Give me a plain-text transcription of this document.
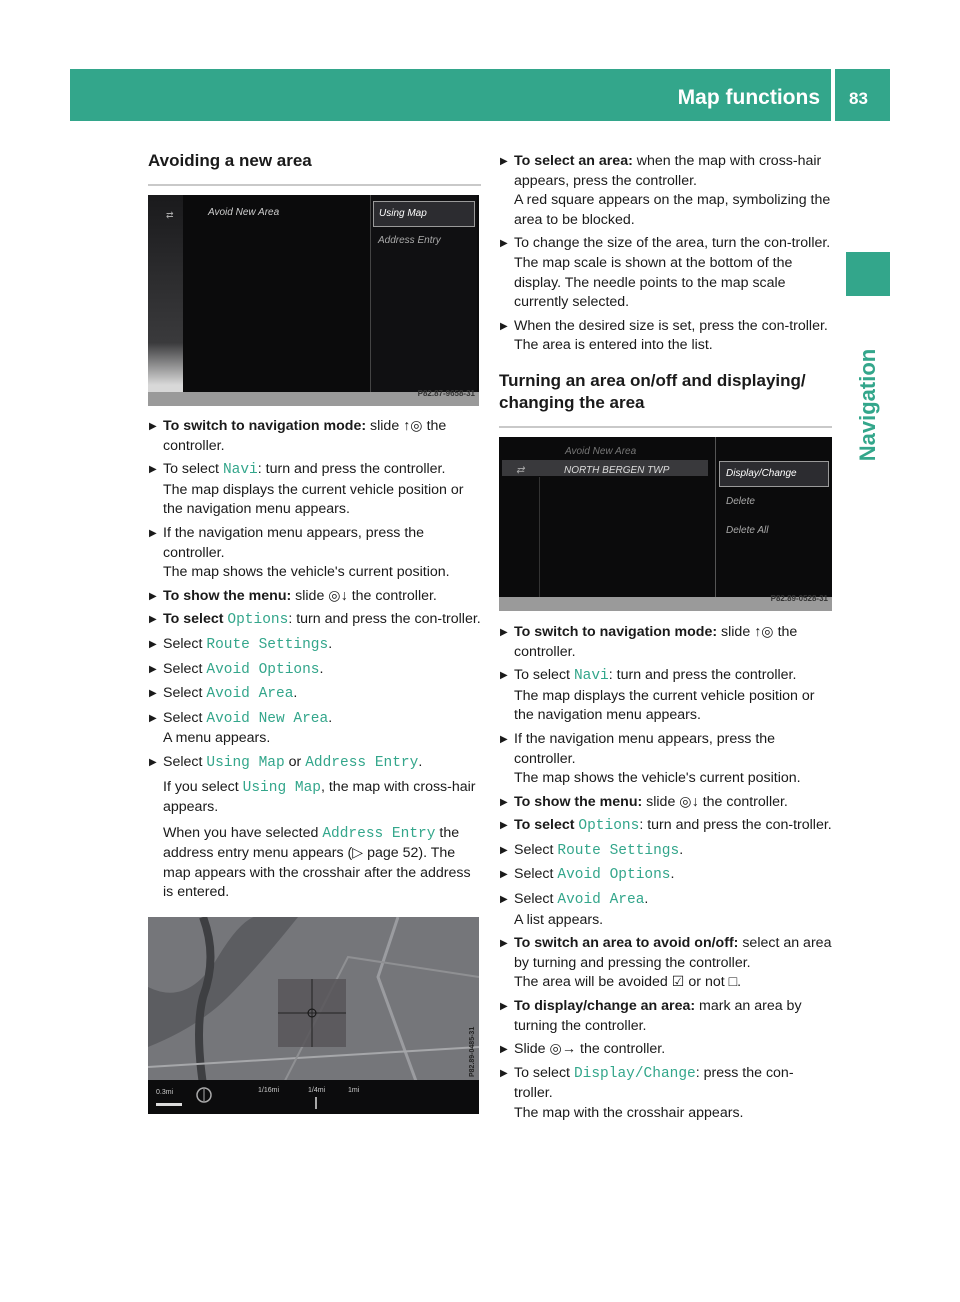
Map functions 83
Navigation
Avoiding a new area
⇄	Avoid New Area	Using Map
Address Entry
P82.87-9658-31
▶ To switch to navigation mode: slide ↑◎ the controller.
▶ To select Navi: turn and press the controller.
The map displays the current vehicle position or the navigation menu appears.
▶ If the navigation menu appears, press the controller.
The map shows the vehicle's current position.
▶ To show the menu: slide ◎↓ the controller.
▶ To select Options: turn and press the con-troller.
▶ Select Route Settings.
▶ Select Avoid Options.
▶ Select Avoid Area.
▶ Select Avoid New Area.
A menu appears.
▶ Select Using Map or Address Entry.
If you select Using Map, the map with cross-hair appears.
When you have selected Address Entry the address entry menu appears (▷ page 52). The map appears with the crosshair after the address is entered.
0.3mi	1/16mi	1/4mi	1mi
P82.89-0485-31
▶ To select an area: when the map with cross-hair appears, press the controller.
A red square appears on the map, symbolizing the area to be blocked.
▶ To change the size of the area, turn the con-troller.
The map scale is shown at the bottom of the display. The needle points to the map scale currently selected.
▶ When the desired size is set, press the con-troller.
The area is entered into the list.
Turning an area on/off and displaying/ changing the area
Avoid New Area
⇄	NORTH BERGEN TWP	Display/Change
Delete
Delete All
P82.89-0528-31
▶ To switch to navigation mode: slide ↑◎ the controller.
▶ To select Navi: turn and press the controller.
The map displays the current vehicle position or the navigation menu appears.
▶ If the navigation menu appears, press the controller.
The map shows the vehicle's current position.
▶ To show the menu: slide ◎↓ the controller.
▶ To select Options: turn and press the con-troller.
▶ Select Route Settings.
▶ Select Avoid Options.
▶ Select Avoid Area.
A list appears.
▶ To switch an area to avoid on/off: select an area by turning and pressing the controller.
The area will be avoided ☑ or not □.
▶ To display/change an area: mark an area by turning the controller.
▶ Slide ◎→ the controller.
▶ To select Display/Change: press the con-troller.
The map with the crosshair appears.
